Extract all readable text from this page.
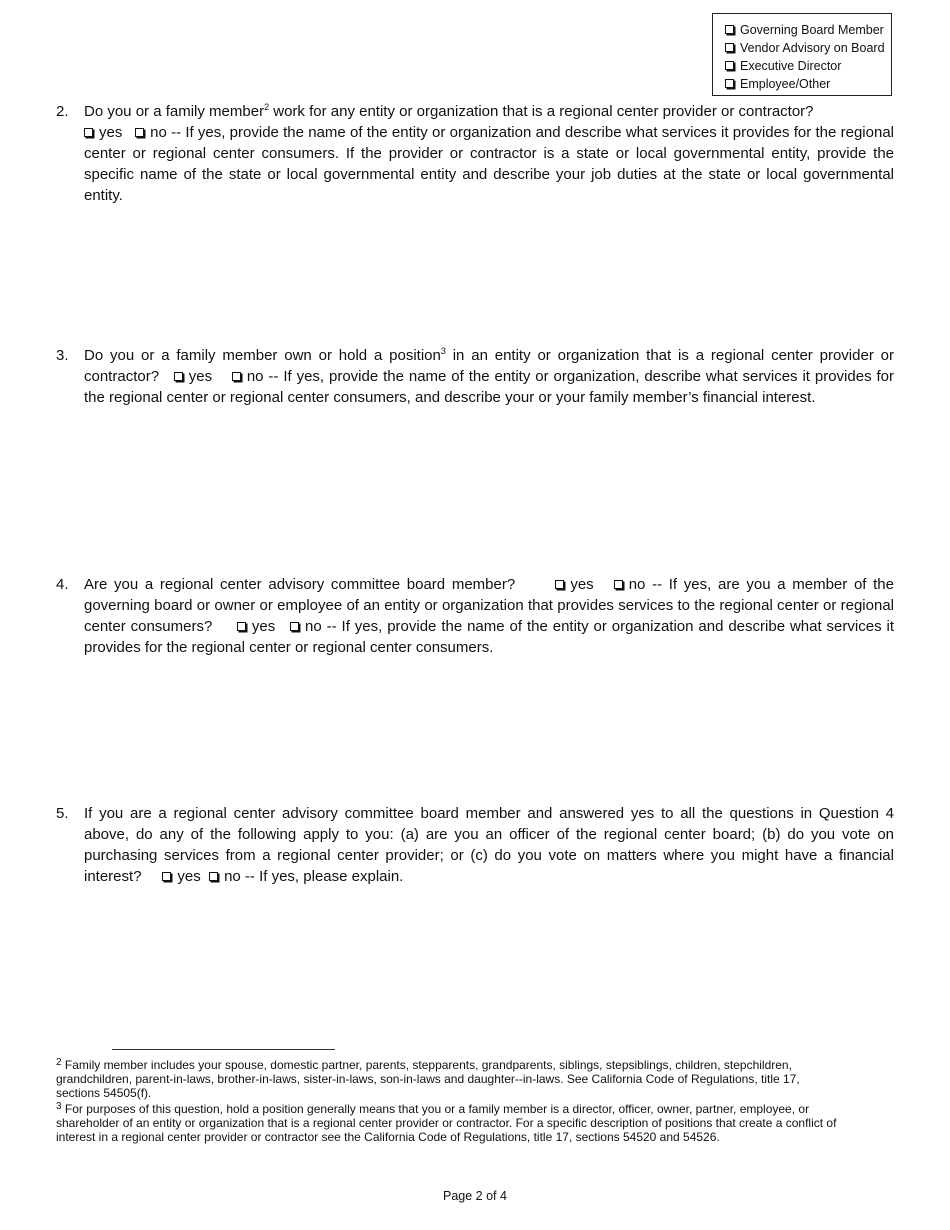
Governing Board Member
Vendor Advisory on Board
Executive Director
Employee/Other
2.	Do you or a family member$^2$ work for any entity or organization that is a regional center provider or contractor?
yes no -- If yes, provide the name of the entity or organization and describe what services it provides for the regional center or regional center consumers. If the provider or contractor is a state or local governmental entity, provide the specific name of the state or local governmental entity and describe your job duties at the state or local governmental entity.
3.	Do you or a family member own or hold a position$^3$ in an entity or organization that is a regional center provider or contractor? yes no -- If yes, provide the name of the entity or organization, describe what services it provides for the regional center or regional center consumers, and describe your or your family member’s financial interest.
4.	Are you a regional center advisory committee board member?	yes no -- If yes, are you a member of the governing board or owner or employee of an entity or organization that provides services to the regional center or regional center consumers?	yes no -- If yes, provide the name of the entity or organization and describe what services it provides for the regional center or regional center consumers.
5.	If you are a regional center advisory committee board member and answered yes to all the questions in Question 4 above, do any of the following apply to you: (a) are you an officer of the regional center board; (b) do you vote on purchasing services from a regional center provider; or (c) do you vote on matters where you might have a financial interest? yes no -- If yes, please explain.
$^2$ Family member includes your spouse, domestic partner, parents, stepparents, grandparents, siblings, stepsiblings, children, stepchildren, grandchildren, parent-in-laws, brother-in-laws, sister-in-laws, son-in-laws and daughter-‐in-laws. See California Code of Regulations, title 17, sections 54505(f).
$^3$ For purposes of this question, hold a position generally means that you or a family member is a director, officer, owner, partner, employee, or shareholder of an entity or organization that is a regional center provider or contractor. For a specific description of positions that create a conflict of interest in a regional center provider or contractor see the California Code of Regulations, title 17, sections 54520 and 54526.
Page 2 of 4
